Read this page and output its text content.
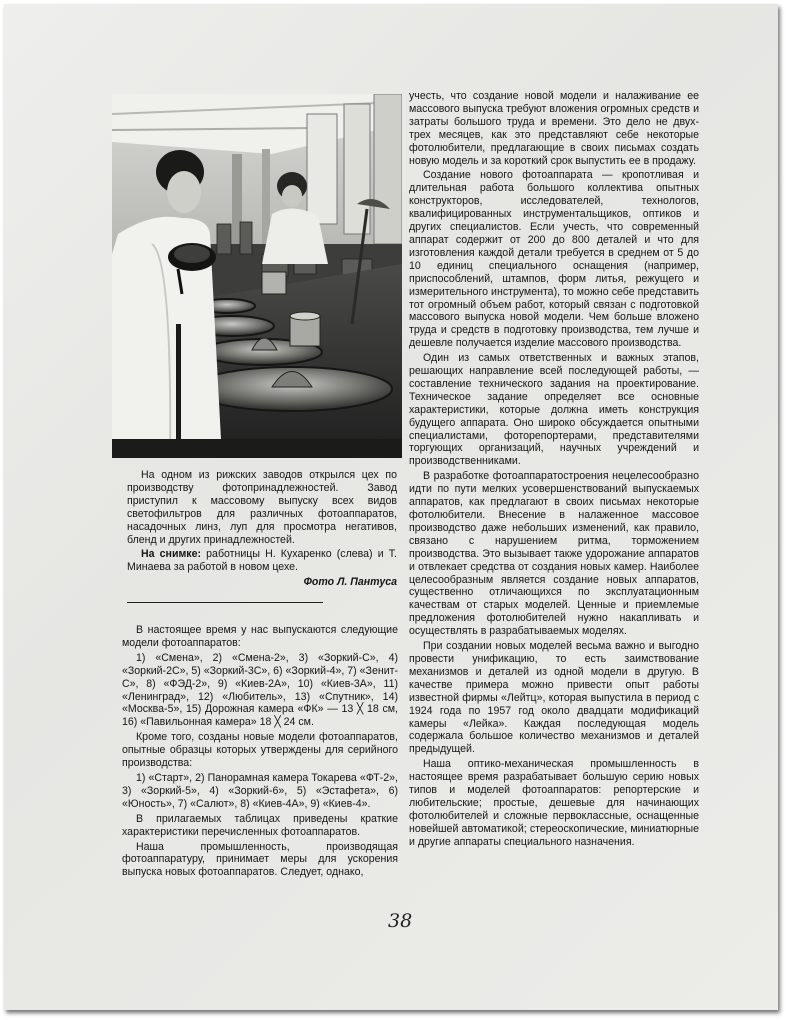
На одном из рижских заводов открылся цех по производству фотопринадлежностей. Завод приступил к массовому выпуску всех видов светофильтров для различных фотоаппаратов, насадочных линз, луп для просмотра негативов, бленд и других принадлежностей.

На снимке: работницы Н. Кухаренко (слева) и Т. Минаева за работой в новом цехе.

Фото Л. Пантуса

В настоящее время у нас выпускаются следующие модели фотоаппаратов:

1) «Смена», 2) «Смена-2», 3) «Зоркий-С», 4) «Зоркий-2С», 5) «Зоркий-3С», 6) «Зоркий-4», 7) «Зенит-С», 8) «ФЭД-2», 9) «Киев-2А», 10) «Киев-3А», 11) «Ленинград», 12) «Любитель», 13) «Спутник», 14) «Москва-5», 15) Дорожная камера «ФК» — 13 ╳ 18 см, 16) «Павильонная камера» 18 ╳ 24 см.

Кроме того, созданы новые модели фотоаппаратов, опытные образцы которых утверждены для серийного производства:

1) «Старт», 2) Панорамная камера Токарева «ФТ-2», 3) «Зоркий-5», 4) «Зоркий-6», 5) «Эстафета», 6) «Юность», 7) «Салют», 8) «Киев-4А», 9) «Киев-4».

В прилагаемых таблицах приведены краткие характеристики перечисленных фотоаппаратов.

Наша промышленность, производящая фотоаппаратуру, принимает меры для ускорения выпуска новых фотоаппаратов. Следует, однако,

учесть, что создание новой модели и налаживание ее массового выпуска требуют вложения огромных средств и затраты большого труда и времени. Это дело не двух-трех месяцев, как это представляют себе некоторые фотолюбители, предлагающие в своих письмах создать новую модель и за короткий срок выпустить ее в продажу.

Создание нового фотоаппарата — кропотливая и длительная работа большого коллектива опытных конструкторов, исследователей, технологов, квалифицированных инструментальщиков, оптиков и других специалистов. Если учесть, что современный аппарат содержит от 200 до 800 деталей и что для изготовления каждой детали требуется в среднем от 5 до 10 единиц специального оснащения (например, приспособлений, штампов, форм литья, режущего и измерительного инструмента), то можно себе представить тот огромный объем работ, который связан с подготовкой массового выпуска новой модели. Чем больше вложено труда и средств в подготовку производства, тем лучше и дешевле получается изделие массового производства.

Один из самых ответственных и важных этапов, решающих направление всей последующей работы, — составление технического задания на проектирование. Техническое задание определяет все основные характеристики, которые должна иметь конструкция будущего аппарата. Оно широко обсуждается опытными специалистами, фоторепортерами, представителями торгующих организаций, научных учреждений и производственниками.

В разработке фотоаппаратостроения нецелесообразно идти по пути мелких усовершенствований выпускаемых аппаратов, как предлагают в своих письмах некоторые фотолюбители. Внесение в налаженное массовое производство даже небольших изменений, как правило, связано с нарушением ритма, торможением производства. Это вызывает также удорожание аппаратов и отвлекает средства от создания новых камер. Наиболее целесообразным является создание новых аппаратов, существенно отличающихся по эксплуатационным качествам от старых моделей. Ценные и приемлемые предложения фотолюбителей нужно накапливать и осуществлять в разрабатываемых моделях.

При создании новых моделей весьма важно и выгодно провести унификацию, то есть заимствование механизмов и деталей из одной модели в другую. В качестве примера можно привести опыт работы известной фирмы «Лейтц», которая выпустила в период с 1924 года по 1957 год около двадцати модификаций камеры «Лейка». Каждая последующая модель содержала большое количество механизмов и деталей предыдущей.

Наша оптико-механическая промышленность в настоящее время разрабатывает большую серию новых типов и моделей фотоаппаратов: репортерские и любительские; простые, дешевые для начинающих фотолюбителей и сложные первоклассные, оснащенные новейшей автоматикой; стереоскопические, миниатюрные и другие аппараты специального назначения.

38
